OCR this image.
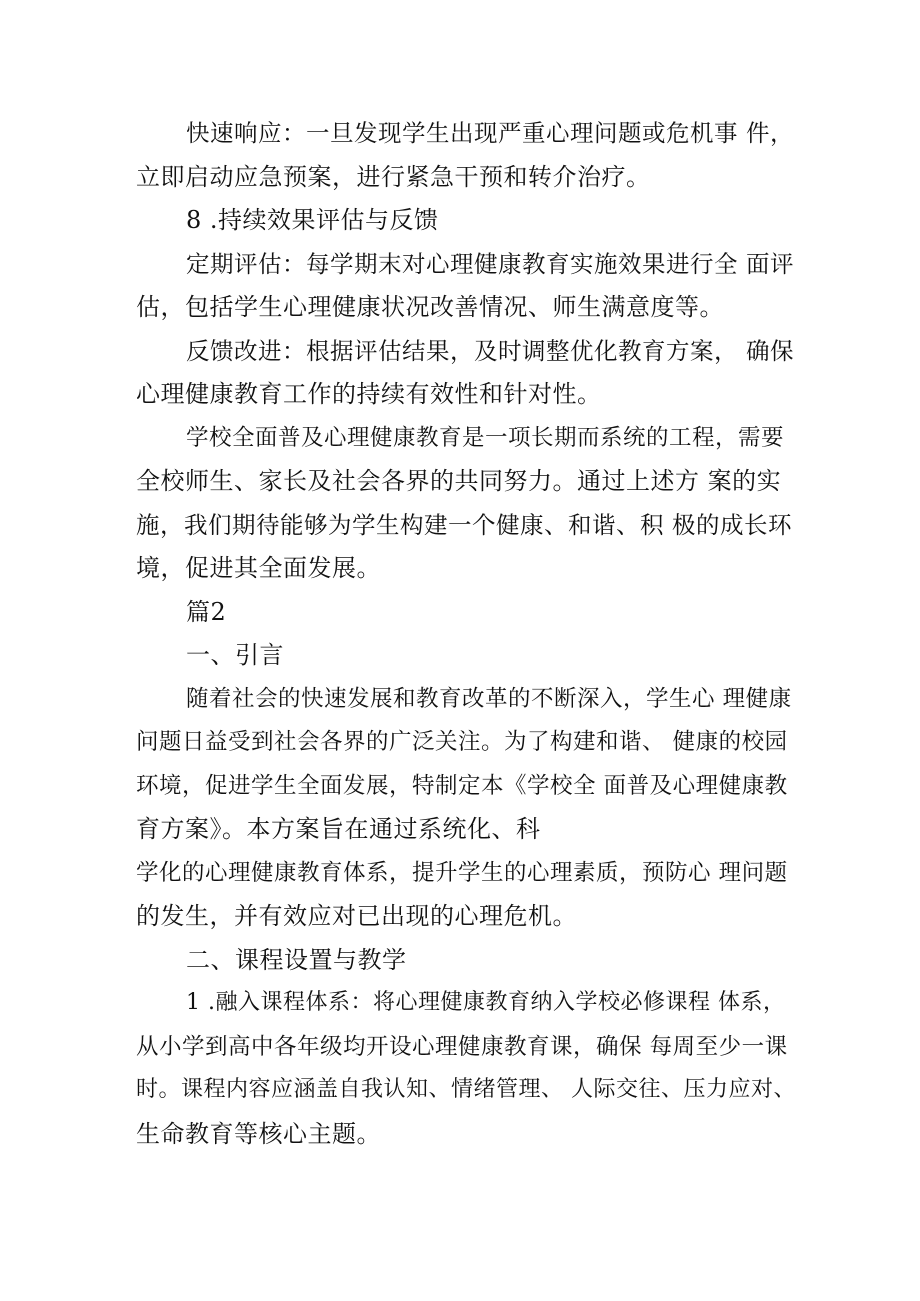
快速响应：一旦发现学生出现严重心理问题或危机事 件，
立即启动应急预案，进行紧急干预和转介治疗。
8 .持续效果评估与反馈
定期评估：每学期末对心理健康教育实施效果进行全 面评
估，包括学生心理健康状况改善情况、师生满意度等。
反馈改进：根据评估结果，及时调整优化教育方案， 确保
心理健康教育工作的持续有效性和针对性。
学校全面普及心理健康教育是一项长期而系统的工程，需要
全校师生、家长及社会各界的共同努力。通过上述方 案的实
施，我们期待能够为学生构建一个健康、和谐、积 极的成长环
境，促进其全面发展。
篇2
一、引言
随着社会的快速发展和教育改革的不断深入，学生心 理健康
问题日益受到社会各界的广泛关注。为了构建和谐、 健康的校园
环境，促进学生全面发展，特制定本《学校全 面普及心理健康教
育方案》。本方案旨在通过系统化、科
学化的心理健康教育体系，提升学生的心理素质，预防心 理问题
的发生，并有效应对已出现的心理危机。
二、课程设置与教学
1 .融入课程体系：将心理健康教育纳入学校必修课程 体系，
从小学到高中各年级均开设心理健康教育课，确保 每周至少一课
时。课程内容应涵盖自我认知、情绪管理、 人际交往、压力应对、
生命教育等核心主题。
